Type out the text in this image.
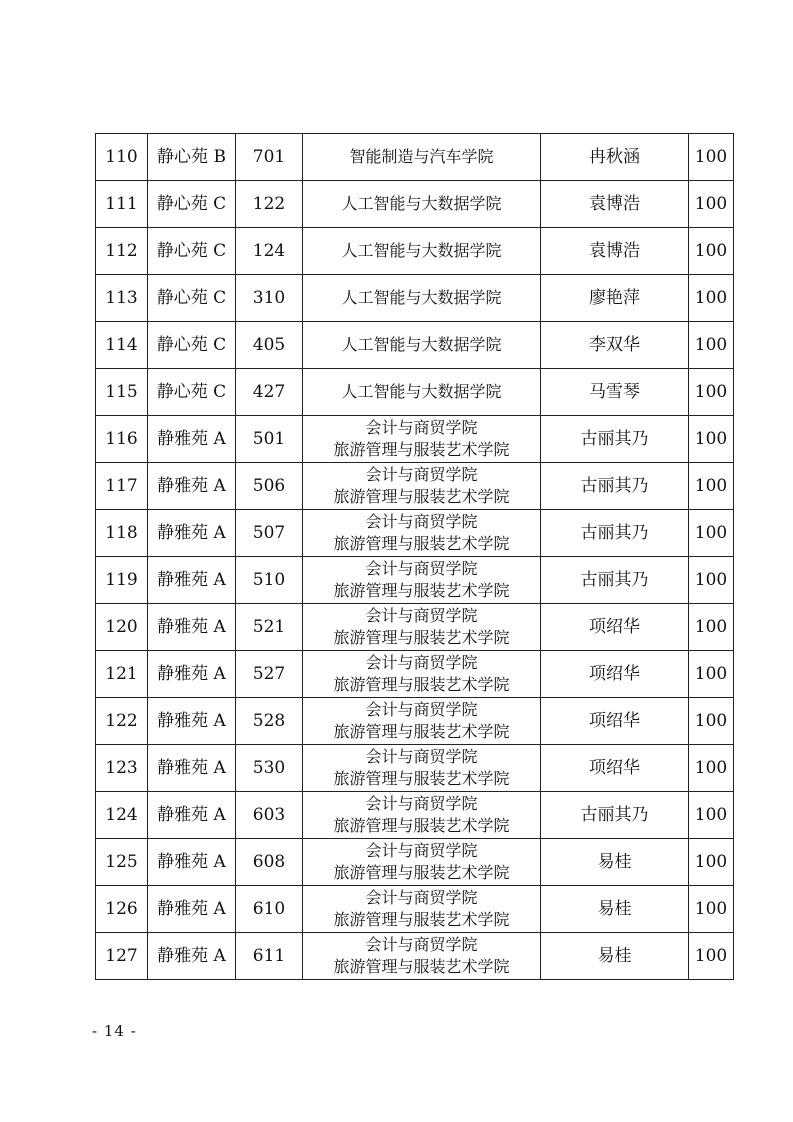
110	静心苑 B	701	智能制造与汽车学院	冉秋涵	100
111	静心苑 C	122	人工智能与大数据学院	袁博浩	100
112	静心苑 C	124	人工智能与大数据学院	袁博浩	100
113	静心苑 C	310	人工智能与大数据学院	廖艳萍	100
114	静心苑 C	405	人工智能与大数据学院	李双华	100
115	静心苑 C	427	人工智能与大数据学院	马雪琴	100
116	静雅苑 A	501	会计与商贸学院
旅游管理与服装艺术学院	古丽其乃	100
117	静雅苑 A	506	会计与商贸学院
旅游管理与服装艺术学院	古丽其乃	100
118	静雅苑 A	507	会计与商贸学院
旅游管理与服装艺术学院	古丽其乃	100
119	静雅苑 A	510	会计与商贸学院
旅游管理与服装艺术学院	古丽其乃	100
120	静雅苑 A	521	会计与商贸学院
旅游管理与服装艺术学院	项绍华	100
121	静雅苑 A	527	会计与商贸学院
旅游管理与服装艺术学院	项绍华	100
122	静雅苑 A	528	会计与商贸学院
旅游管理与服装艺术学院	项绍华	100
123	静雅苑 A	530	会计与商贸学院
旅游管理与服装艺术学院	项绍华	100
124	静雅苑 A	603	会计与商贸学院
旅游管理与服装艺术学院	古丽其乃	100
125	静雅苑 A	608	会计与商贸学院
旅游管理与服装艺术学院	易桂	100
126	静雅苑 A	610	会计与商贸学院
旅游管理与服装艺术学院	易桂	100
127	静雅苑 A	611	会计与商贸学院
旅游管理与服装艺术学院	易桂	100
- 14 -
